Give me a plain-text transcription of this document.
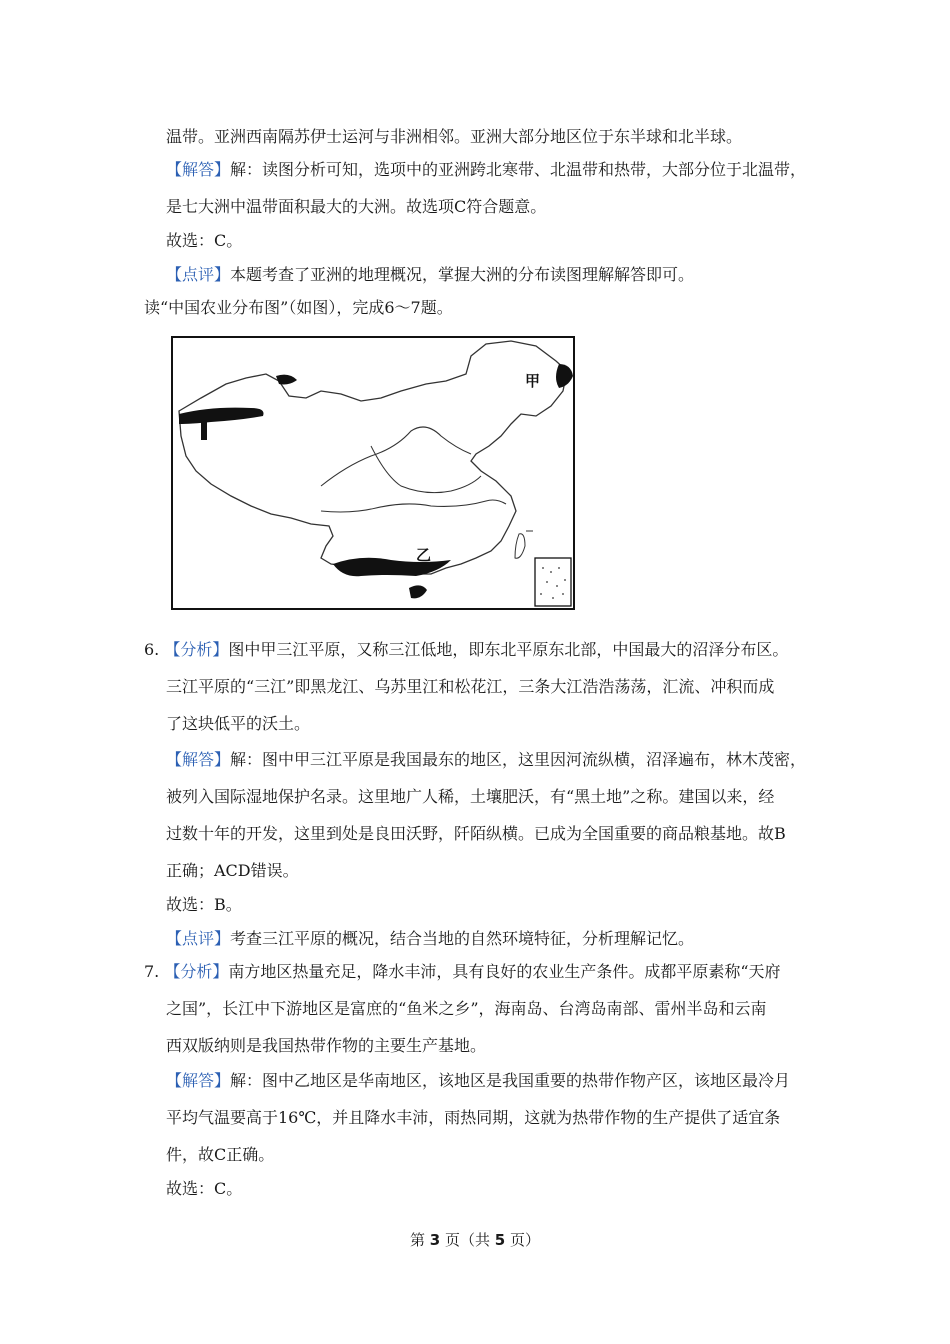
温带。亚洲西南隔苏伊士运河与非洲相邻。亚洲大部分地区位于东半球和北半球。
【解答】解：读图分析可知，选项中的亚洲跨北寒带、北温带和热带，大部分位于北温带，
是七大洲中温带面积最大的大洲。故选项C符合题意。
故选：C。
【点评】本题考查了亚洲的地理概况，掌握大洲的分布读图理解解答即可。
读“中国农业分布图”（如图），完成6～7题。
甲
乙
6. 【分析】图中甲三江平原，又称三江低地，即东北平原东北部，中国最大的沼泽分布区。
三江平原的“三江”即黑龙江、乌苏里江和松花江，三条大江浩浩荡荡，汇流、冲积而成
了这块低平的沃土。
【解答】解：图中甲三江平原是我国最东的地区，这里因河流纵横，沼泽遍布，林木茂密，
被列入国际湿地保护名录。这里地广人稀，土壤肥沃，有“黑土地”之称。建国以来，经
过数十年的开发，这里到处是良田沃野，阡陌纵横。已成为全国重要的商品粮基地。故B
正确；ACD错误。
故选：B。
【点评】考查三江平原的概况，结合当地的自然环境特征，分析理解记忆。
7. 【分析】南方地区热量充足，降水丰沛，具有良好的农业生产条件。成都平原素称“天府
之国”，长江中下游地区是富庶的“鱼米之乡”，海南岛、台湾岛南部、雷州半岛和云南
西双版纳则是我国热带作物的主要生产基地。
【解答】解：图中乙地区是华南地区，该地区是我国重要的热带作物产区，该地区最冷月
平均气温要高于16℃，并且降水丰沛，雨热同期，这就为热带作物的生产提供了适宜条
件，故C正确。
故选：C。
第 3 页（共 5 页）
